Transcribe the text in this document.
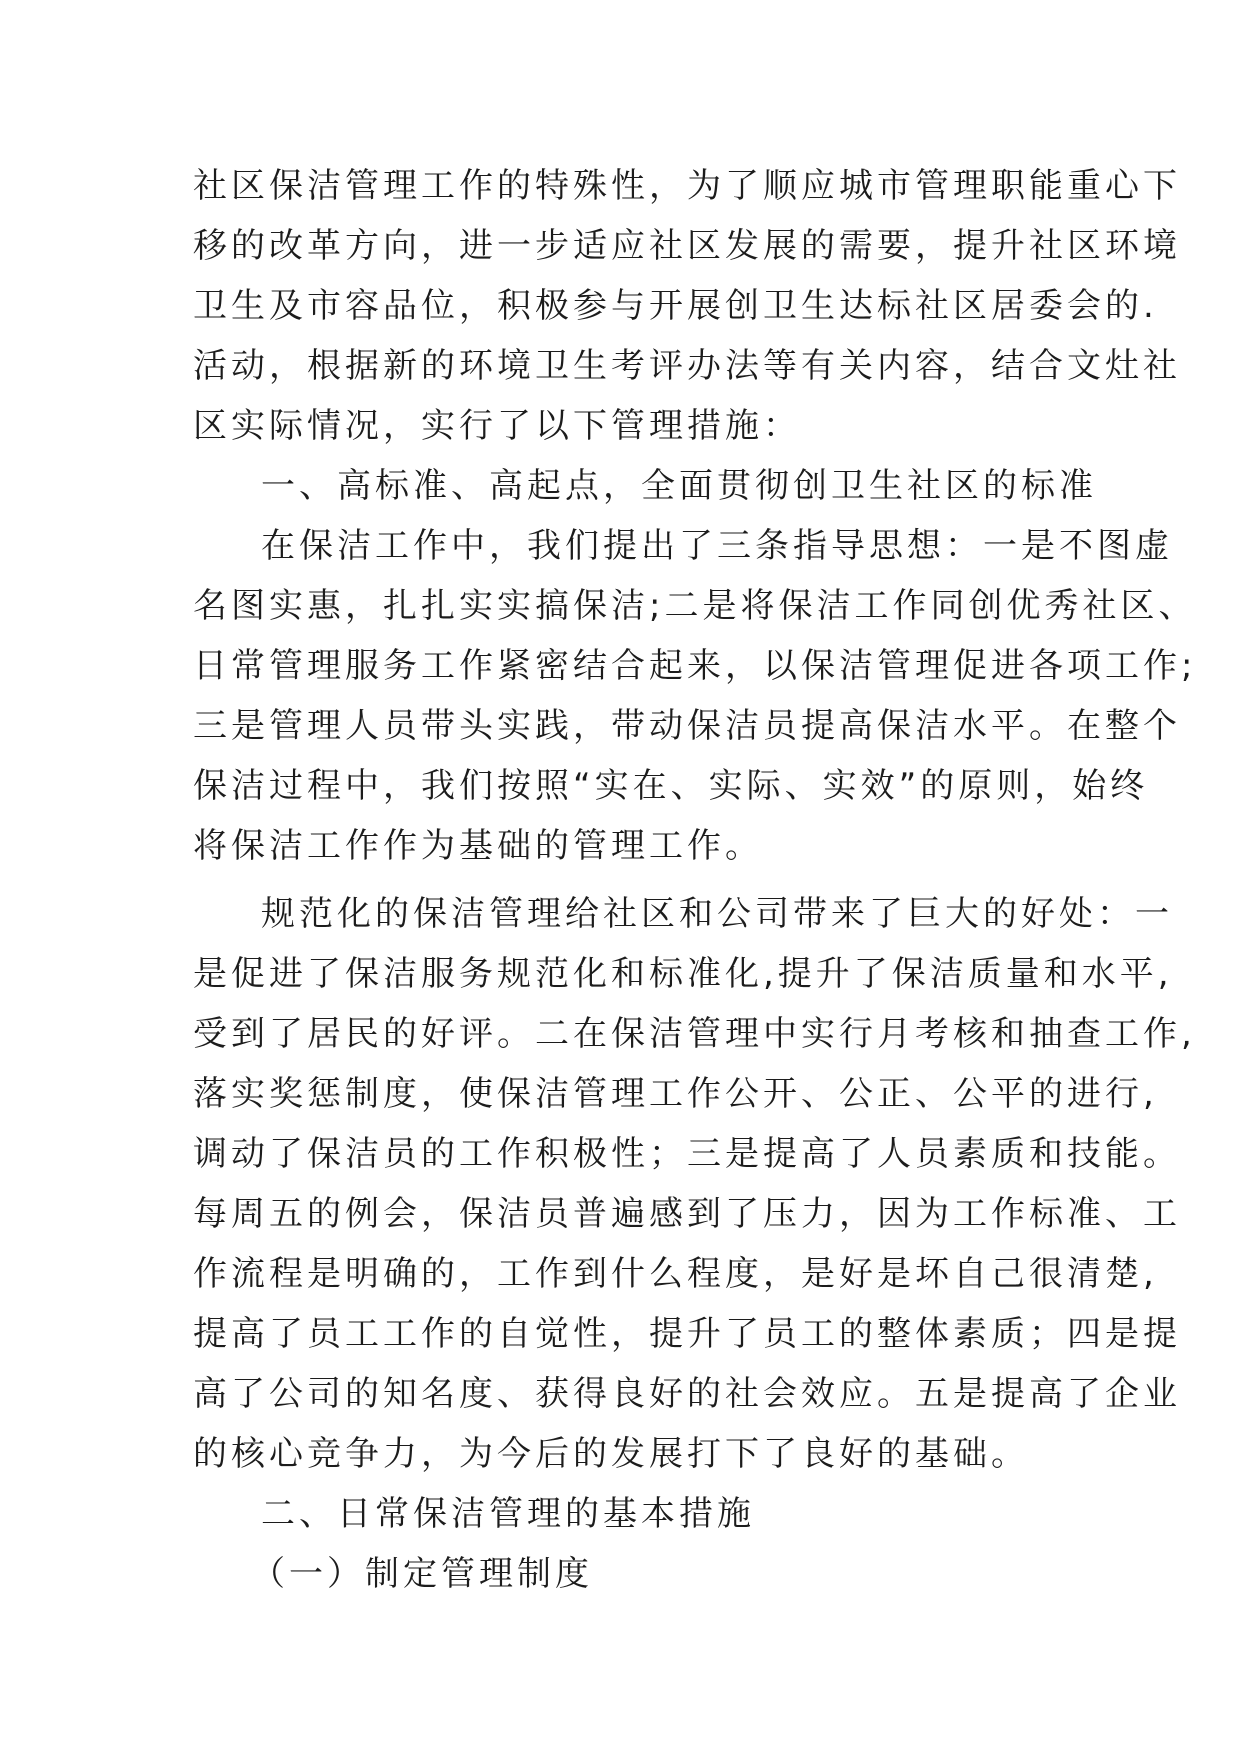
社区保洁管理工作的特殊性，为了顺应城市管理职能重心下
移的改革方向，进一步适应社区发展的需要，提升社区环境
卫生及市容品位，积极参与开展创卫生达标社区居委会的.
活动，根据新的环境卫生考评办法等有关内容，结合文灶社
区实际情况，实行了以下管理措施：
一、高标准、高起点，全面贯彻创卫生社区的标准
在保洁工作中，我们提出了三条指导思想：一是不图虚
名图实惠，扎扎实实搞保洁;二是将保洁工作同创优秀社区、
日常管理服务工作紧密结合起来，以保洁管理促进各项工作;
三是管理人员带头实践，带动保洁员提高保洁水平。在整个
保洁过程中，我们按照“实在、实际、实效”的原则，始终
将保洁工作作为基础的管理工作。
规范化的保洁管理给社区和公司带来了巨大的好处：一
是促进了保洁服务规范化和标准化,提升了保洁质量和水平,
受到了居民的好评。二在保洁管理中实行月考核和抽查工作,
落实奖惩制度，使保洁管理工作公开、公正、公平的进行,
调动了保洁员的工作积极性；三是提高了人员素质和技能。
每周五的例会，保洁员普遍感到了压力，因为工作标准、工
作流程是明确的，工作到什么程度，是好是坏自己很清楚,
提高了员工工作的自觉性，提升了员工的整体素质；四是提
高了公司的知名度、获得良好的社会效应。五是提高了企业
的核心竞争力，为今后的发展打下了良好的基础。
二、日常保洁管理的基本措施
（一）制定管理制度
